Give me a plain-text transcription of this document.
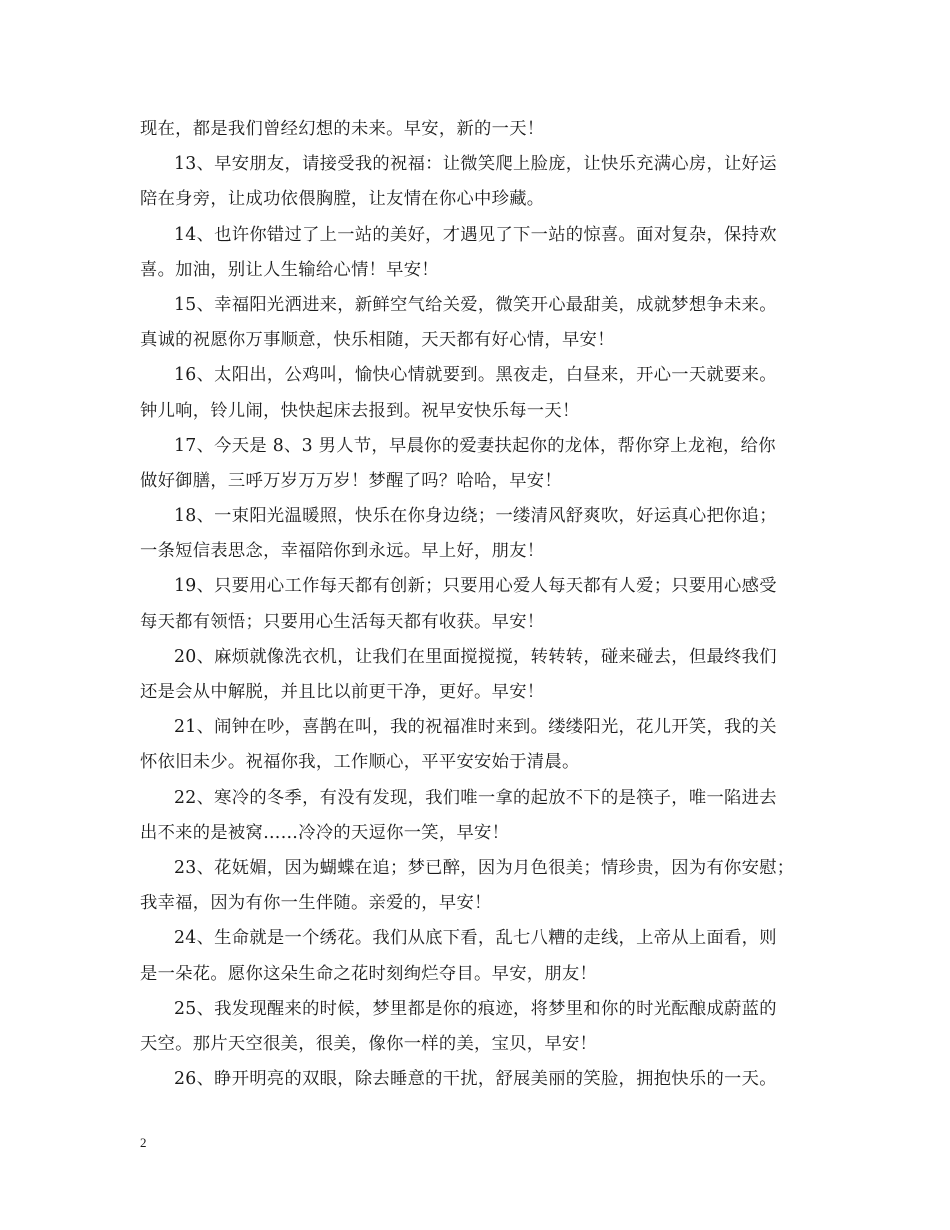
现在，都是我们曾经幻想的未来。早安，新的一天！
13、早安朋友，请接受我的祝福：让微笑爬上脸庞，让快乐充满心房，让好运
陪在身旁，让成功依偎胸膛，让友情在你心中珍藏。
14、也许你错过了上一站的美好，才遇见了下一站的惊喜。面对复杂，保持欢
喜。加油，别让人生输给心情！早安！
15、幸福阳光洒进来，新鲜空气给关爱，微笑开心最甜美，成就梦想争未来。
真诚的祝愿你万事顺意，快乐相随，天天都有好心情，早安！
16、太阳出，公鸡叫，愉快心情就要到。黑夜走，白昼来，开心一天就要来。
钟儿响，铃儿闹，快快起床去报到。祝早安快乐每一天！
17、今天是 8、3 男人节，早晨你的爱妻扶起你的龙体，帮你穿上龙袍，给你
做好御膳，三呼万岁万万岁！梦醒了吗？哈哈，早安！
18、一束阳光温暖照，快乐在你身边绕；一缕清风舒爽吹，好运真心把你追；
一条短信表思念，幸福陪你到永远。早上好，朋友！
19、只要用心工作每天都有创新；只要用心爱人每天都有人爱；只要用心感受
每天都有领悟；只要用心生活每天都有收获。早安！
20、麻烦就像洗衣机，让我们在里面搅搅搅，转转转，碰来碰去，但最终我们
还是会从中解脱，并且比以前更干净，更好。早安！
21、闹钟在吵，喜鹊在叫，我的祝福准时来到。缕缕阳光，花儿开笑，我的关
怀依旧未少。祝福你我，工作顺心，平平安安始于清晨。
22、寒冷的冬季，有没有发现，我们唯一拿的起放不下的是筷子，唯一陷进去
出不来的是被窝……冷冷的天逗你一笑，早安！
23、花妩媚，因为蝴蝶在追；梦已醉，因为月色很美；情珍贵，因为有你安慰；
我幸福，因为有你一生伴随。亲爱的，早安！
24、生命就是一个绣花。我们从底下看，乱七八糟的走线，上帝从上面看，则
是一朵花。愿你这朵生命之花时刻绚烂夺目。早安，朋友！
25、我发现醒来的时候，梦里都是你的痕迹，将梦里和你的时光酝酿成蔚蓝的
天空。那片天空很美，很美，像你一样的美，宝贝，早安！
26、睁开明亮的双眼，除去睡意的干扰，舒展美丽的笑脸，拥抱快乐的一天。
2
